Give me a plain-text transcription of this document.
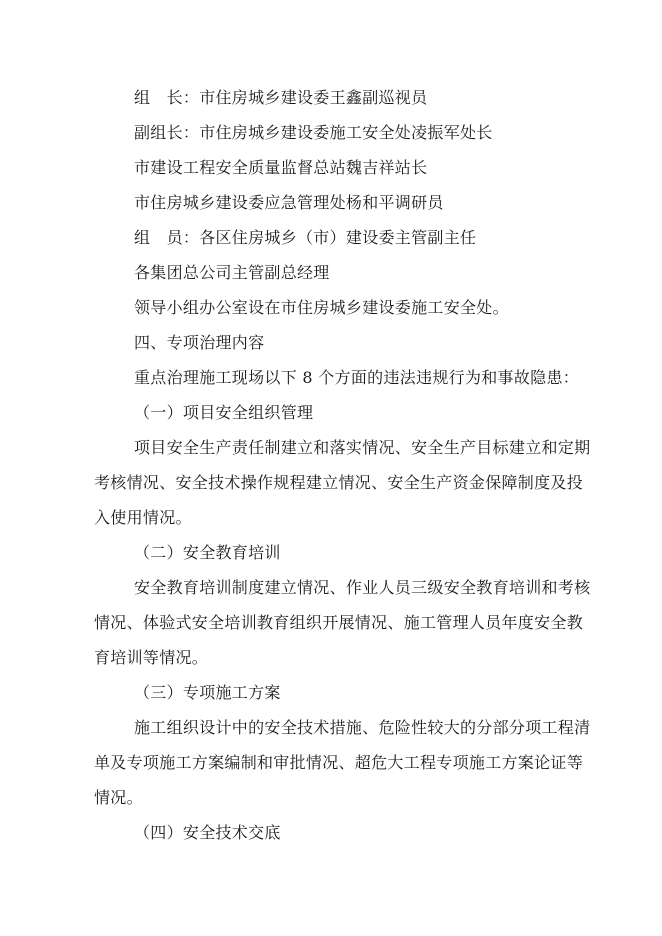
组　长：市住房城乡建设委王鑫副巡视员
副组长：市住房城乡建设委施工安全处凌振军处长
市建设工程安全质量监督总站魏吉祥站长
市住房城乡建设委应急管理处杨和平调研员
组　员：各区住房城乡（市）建设委主管副主任
各集团总公司主管副总经理
领导小组办公室设在市住房城乡建设委施工安全处。
四、专项治理内容
重点治理施工现场以下 8 个方面的违法违规行为和事故隐患：
（一）项目安全组织管理
项目安全生产责任制建立和落实情况、安全生产目标建立和定期
考核情况、安全技术操作规程建立情况、安全生产资金保障制度及投
入使用情况。
（二）安全教育培训
安全教育培训制度建立情况、作业人员三级安全教育培训和考核
情况、体验式安全培训教育组织开展情况、施工管理人员年度安全教
育培训等情况。
（三）专项施工方案
施工组织设计中的安全技术措施、危险性较大的分部分项工程清
单及专项施工方案编制和审批情况、超危大工程专项施工方案论证等
情况。
（四）安全技术交底
